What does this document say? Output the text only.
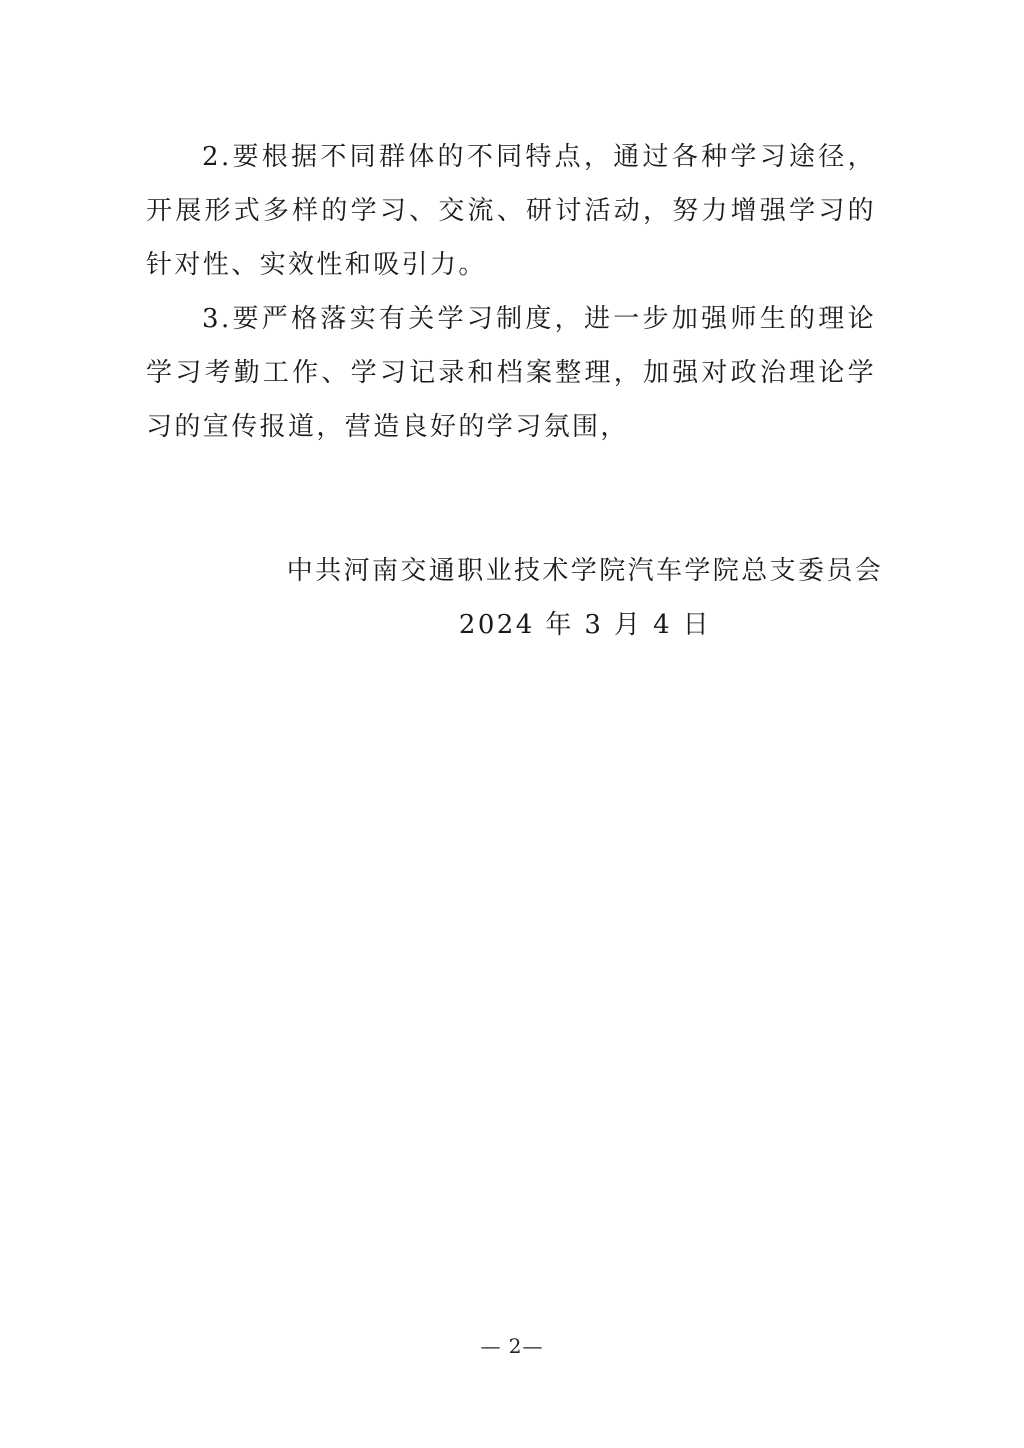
2.要根据不同群体的不同特点，通过各种学习途径，开展形式多样的学习、交流、研讨活动，努力增强学习的针对性、实效性和吸引力。

3.要严格落实有关学习制度，进一步加强师生的理论学习考勤工作、学习记录和档案整理，加强对政治理论学习的宣传报道，营造良好的学习氛围，

中共河南交通职业技术学院汽车学院总支委员会
2024 年 3 月 4 日
— 2—
